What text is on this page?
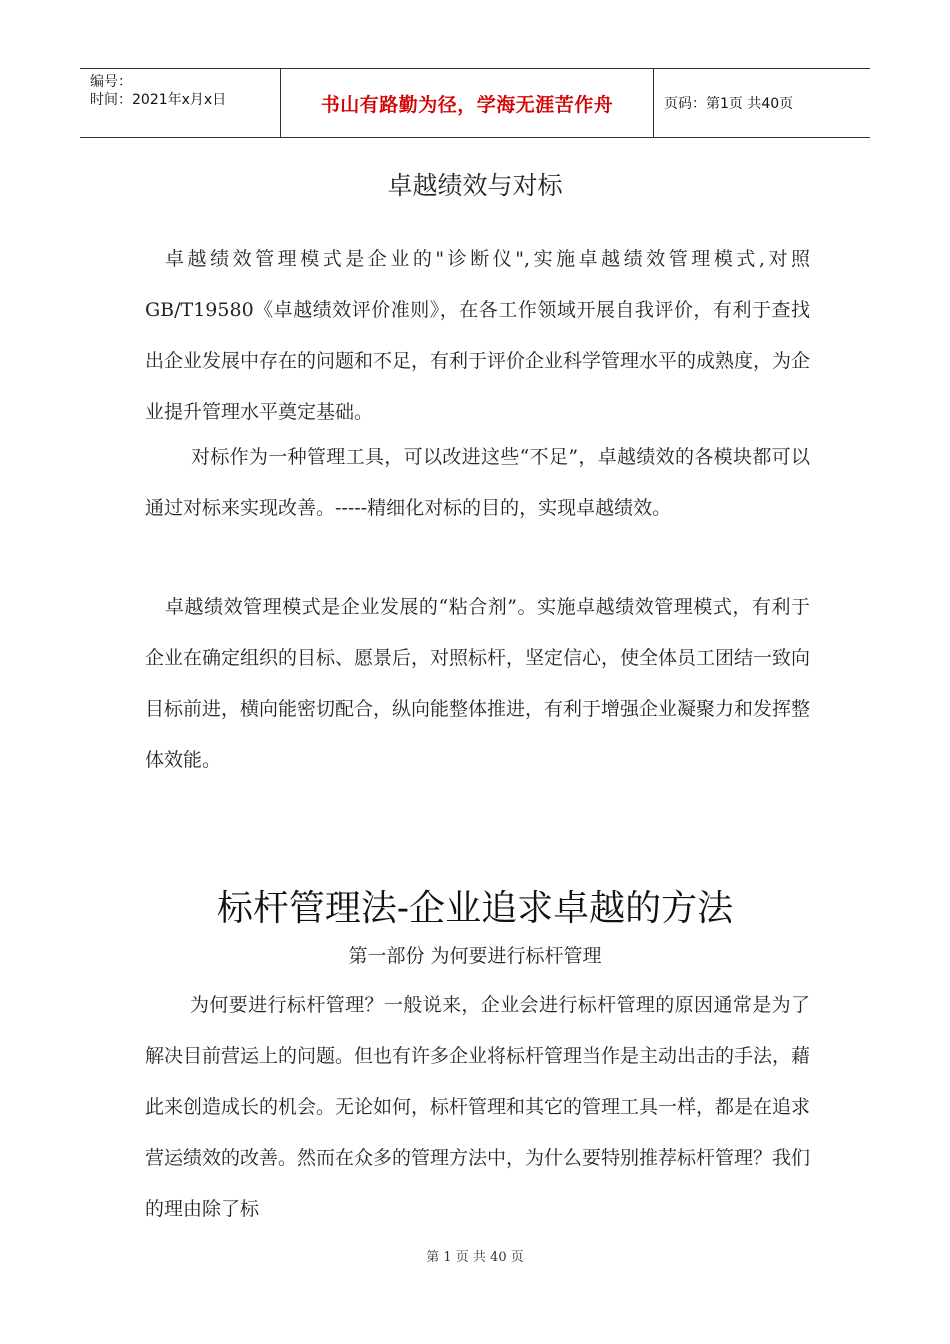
编号：
时间：2021年x月x日	书山有路勤为径，学海无涯苦作舟	页码：第1页 共40页
卓越绩效与对标

卓越绩效管理模式是企业的"诊断仪",实施卓越绩效管理模式,对照GB/T19580《卓越绩效评价准则》，在各工作领域开展自我评价，有利于查找出企业发展中存在的问题和不足，有利于评价企业科学管理水平的成熟度，为企业提升管理水平奠定基础。

对标作为一种管理工具，可以改进这些“不足”，卓越绩效的各模块都可以通过对标来实现改善。-----精细化对标的目的，实现卓越绩效。

卓越绩效管理模式是企业发展的“粘合剂”。实施卓越绩效管理模式，有利于企业在确定组织的目标、愿景后，对照标杆，坚定信心，使全体员工团结一致向目标前进，横向能密切配合，纵向能整体推进，有利于增强企业凝聚力和发挥整体效能。

标杆管理法-企业追求卓越的方法
第一部份 为何要进行标杆管理

为何要进行标杆管理？一般说来，企业会进行标杆管理的原因通常是为了解决目前营运上的问题。但也有许多企业将标杆管理当作是主动出击的手法，藉此来创造成长的机会。无论如何，标杆管理和其它的管理工具一样，都是在追求营运绩效的改善。然而在众多的管理方法中，为什么要特别推荐标杆管理？我们的理由除了标

第 1 页 共 40 页
